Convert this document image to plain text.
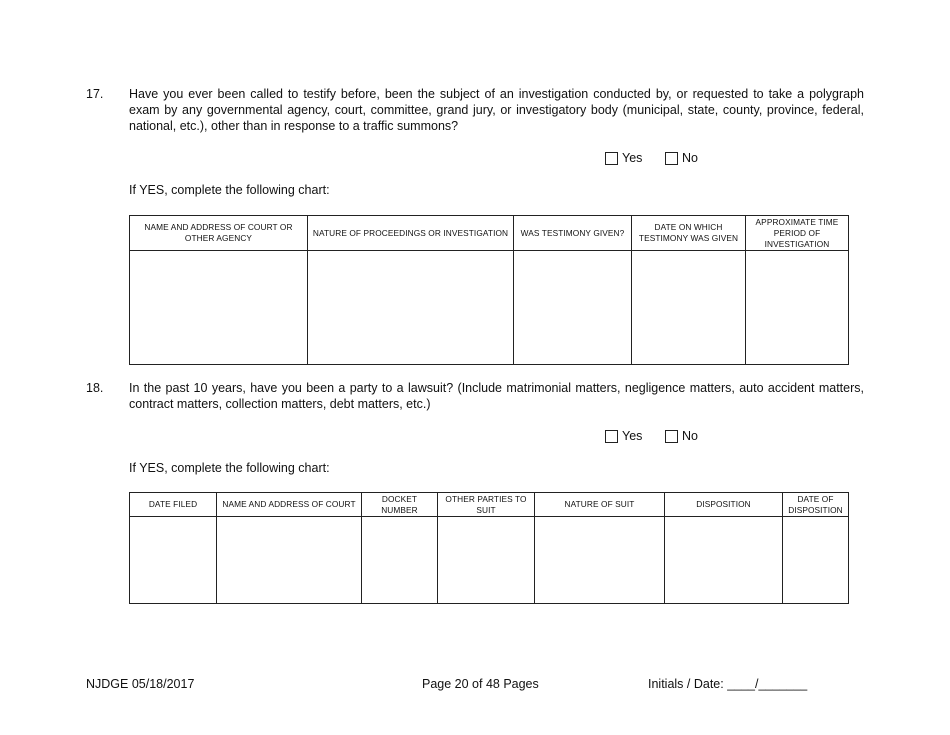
17. Have you ever been called to testify before, been the subject of an investigation conducted by, or requested to take a polygraph exam by any governmental agency, court, committee, grand jury, or investigatory body (municipal, state, county, province, federal, national, etc.), other than in response to a traffic summons?
Yes	No
If YES, complete the following chart:
NAME AND ADDRESS OF COURT OR OTHER AGENCY	NATURE OF PROCEEDINGS OR INVESTIGATION	WAS TESTIMONY GIVEN?	DATE ON WHICH TESTIMONY WAS GIVEN	APPROXIMATE TIME PERIOD OF INVESTIGATION

18. In the past 10 years, have you been a party to a lawsuit? (Include matrimonial matters, negligence matters, auto accident matters, contract matters, collection matters, debt matters, etc.)
Yes	No
If YES, complete the following chart:
DATE FILED	NAME AND ADDRESS OF COURT	DOCKET NUMBER	OTHER PARTIES TO SUIT	NATURE OF SUIT	DISPOSITION	DATE OF DISPOSITION

NJDGE 05/18/2017	Page 20 of 48 Pages	Initials / Date: ____/_______
